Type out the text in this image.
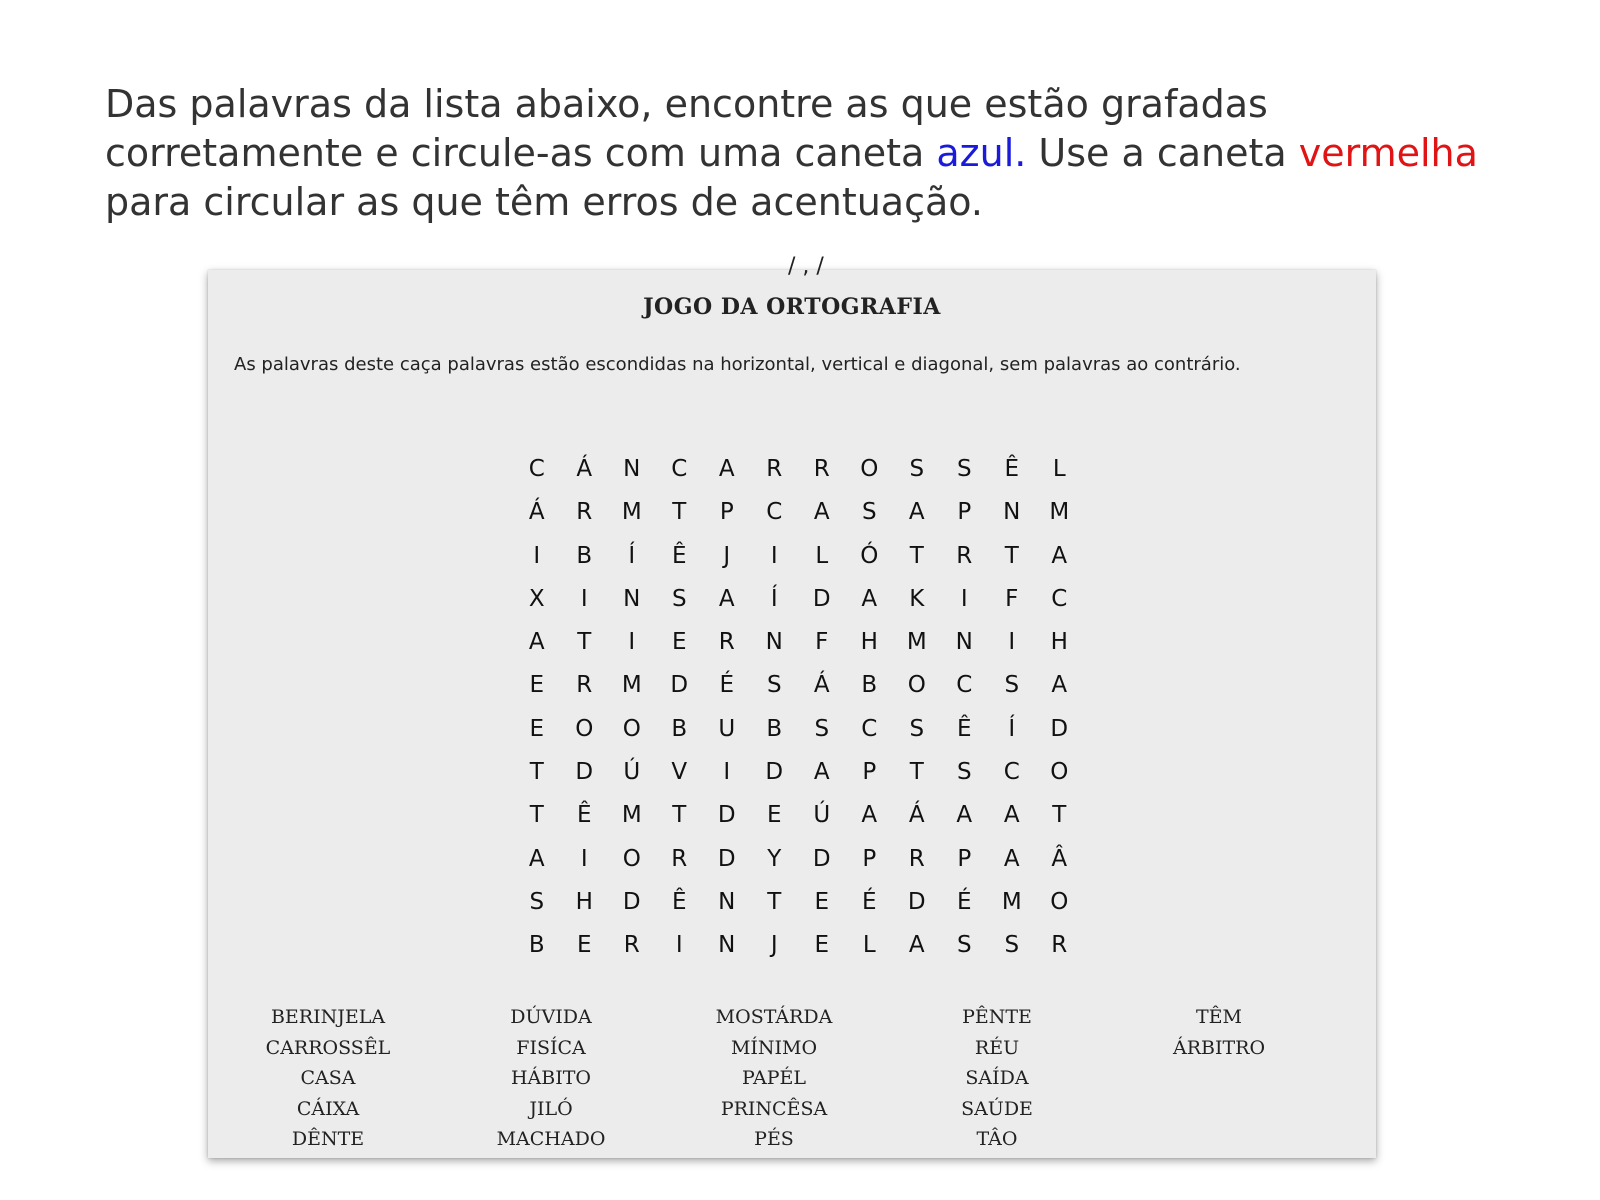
Das palavras da lista abaixo, encontre as que estão grafadas corretamente e circule-as com uma caneta azul. Use a caneta vermelha para circular as que têm erros de acentuação.

/ , /
JOGO DA ORTOGRAFIA
As palavras deste caça palavras estão escondidas na horizontal, vertical e diagonal, sem palavras ao contrário.
C	Á	N	C	A	R	R	O	S	S	Ê	L
Á	R	M	T	P	C	A	S	A	P	N	M
I	B	Í	Ê	J	I	L	Ó	T	R	T	A
X	I	N	S	A	Í	D	A	K	I	F	C
A	T	I	E	R	N	F	H	M	N	I	H
E	R	M	D	É	S	Á	B	O	C	S	A
E	O	O	B	U	B	S	C	S	Ê	Í	D
T	D	Ú	V	I	D	A	P	T	S	C	O
T	Ê	M	T	D	E	Ú	A	Á	A	A	T
A	I	O	R	D	Y	D	P	R	P	A	Â
S	H	D	Ê	N	T	E	É	D	É	M	O
B	E	R	I	N	J	E	L	A	S	S	R
BERINJELA
CARROSSÊL
CASA
CÁIXA
DÊNTE
DÚVIDA
FISÍCA
HÁBITO
JILÓ
MACHADO
MOSTÁRDA
MÍNIMO
PAPÉL
PRINCÊSA
PÉS
PÊNTE
RÉU
SAÍDA
SAÚDE
TÂO
TÊM
ÁRBITRO
